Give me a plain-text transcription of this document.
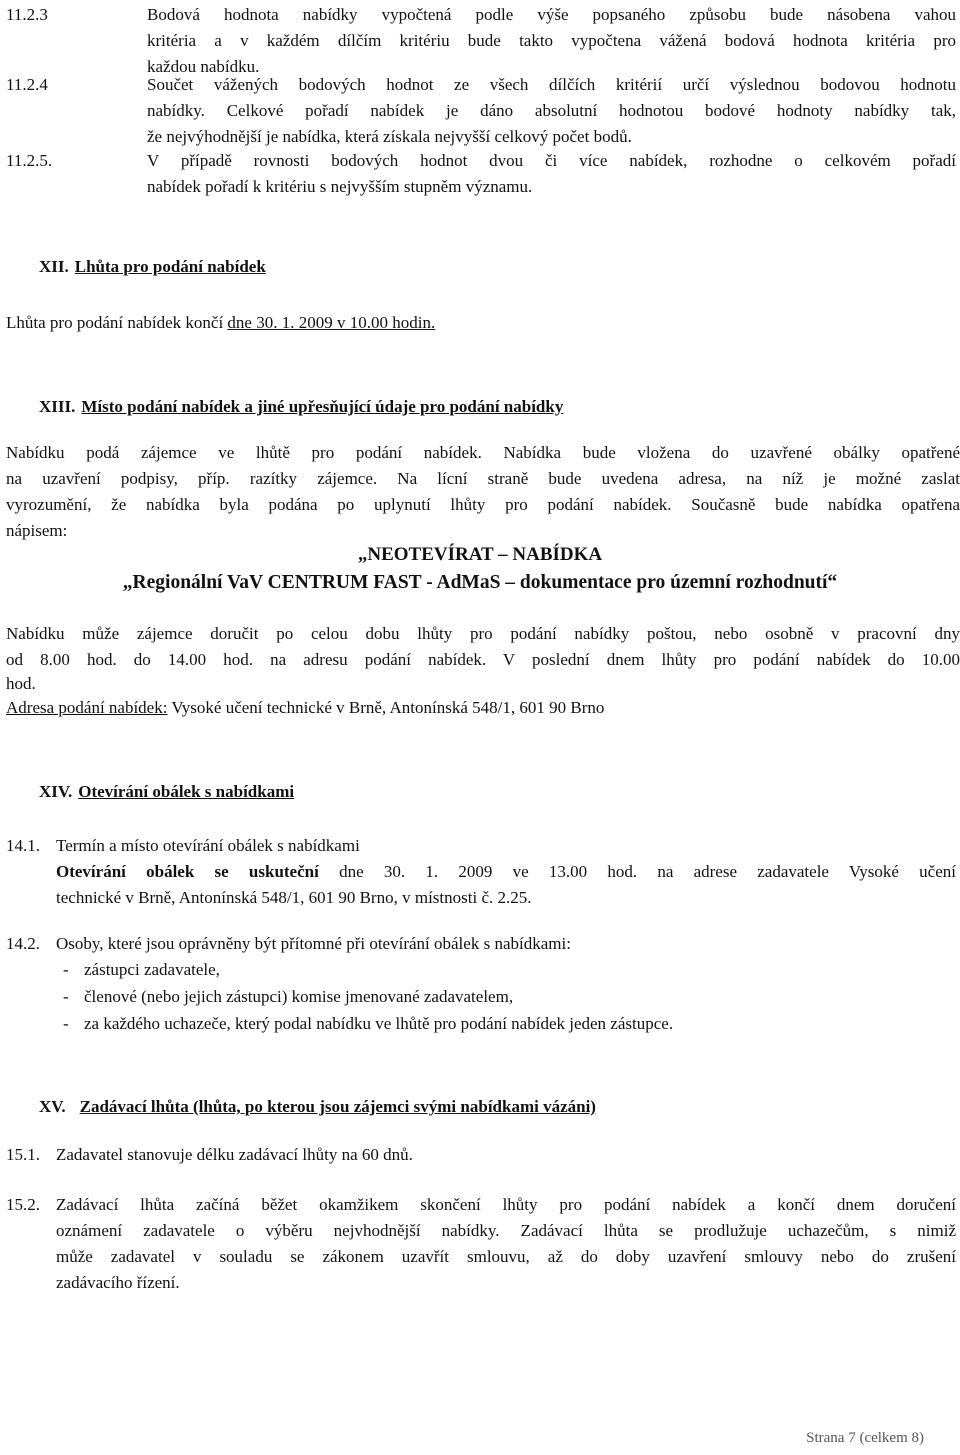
11.2.3	Bodová hodnota nabídky vypočtená podle výše popsaného způsobu bude násobena vahou
kritéria a v každém dílčím kritériu bude takto vypočtena vážená bodová hodnota kritéria pro
každou nabídku.
11.2.4	Součet vážených bodových hodnot ze všech dílčích kritérií určí výslednou bodovou hodnotu
nabídky. Celkové pořadí nabídek je dáno absolutní hodnotou bodové hodnoty nabídky tak,
že nejvýhodnější je nabídka, která získala nejvyšší celkový počet bodů.
11.2.5.	V případě rovnosti bodových hodnot dvou či více nabídek, rozhodne o celkovém pořadí
nabídek pořadí k kritériu s nejvyšším stupněm významu.
XII. Lhůta pro podání nabídek
Lhůta pro podání nabídek končí dne 30. 1. 2009 v 10.00 hodin.
XIII. Místo podání nabídek a jiné upřesňující údaje pro podání nabídky
Nabídku podá zájemce ve lhůtě pro podání nabídek. Nabídka bude vložena do uzavřené obálky opatřené
na uzavření podpisy, příp. razítky zájemce. Na lícní straně bude uvedena adresa, na níž je možné zaslat
vyrozumění, že nabídka byla podána po uplynutí lhůty pro podání nabídek. Současně bude nabídka opatřena
nápisem:
„NEOTEVÍRAT – NABÍDKA
„Regionální VaV CENTRUM FAST - AdMaS – dokumentace pro územní rozhodnutí“
Nabídku může zájemce doručit po celou dobu lhůty pro podání nabídky poštou, nebo osobně v pracovní dny
od 8.00 hod. do 14.00 hod. na adresu podání nabídek. V poslední dnem lhůty pro podání nabídek do 10.00
hod.
Adresa podání nabídek: Vysoké učení technické v Brně, Antonínská 548/1, 601 90 Brno
XIV. Otevírání obálek s nabídkami
14.1. Termín a místo otevírání obálek s nabídkami
Otevírání obálek se uskuteční dne 30. 1. 2009 ve 13.00 hod. na adrese zadavatele Vysoké učení
technické v Brně, Antonínská 548/1, 601 90 Brno, v místnosti č. 2.25.
14.2. Osoby, které jsou oprávněny být přítomné při otevírání obálek s nabídkami:
- zástupci zadavatele,
- členové (nebo jejich zástupci) komise jmenované zadavatelem,
- za každého uchazeče, který podal nabídku ve lhůtě pro podání nabídek jeden zástupce.
XV. Zadávací lhůta (lhůta, po kterou jsou zájemci svými nabídkami vázáni)
15.1. Zadavatel stanovuje délku zadávací lhůty na 60 dnů.
15.2. Zadávací lhůta začíná běžet okamžikem skončení lhůty pro podání nabídek a končí dnem doručení
oznámení zadavatele o výběru nejvhodnější nabídky. Zadávací lhůta se prodlužuje uchazečům, s nimiž
může zadavatel v souladu se zákonem uzavřít smlouvu, až do doby uzavření smlouvy nebo do zrušení
zadávacího řízení.
Strana 7 (celkem 8)
